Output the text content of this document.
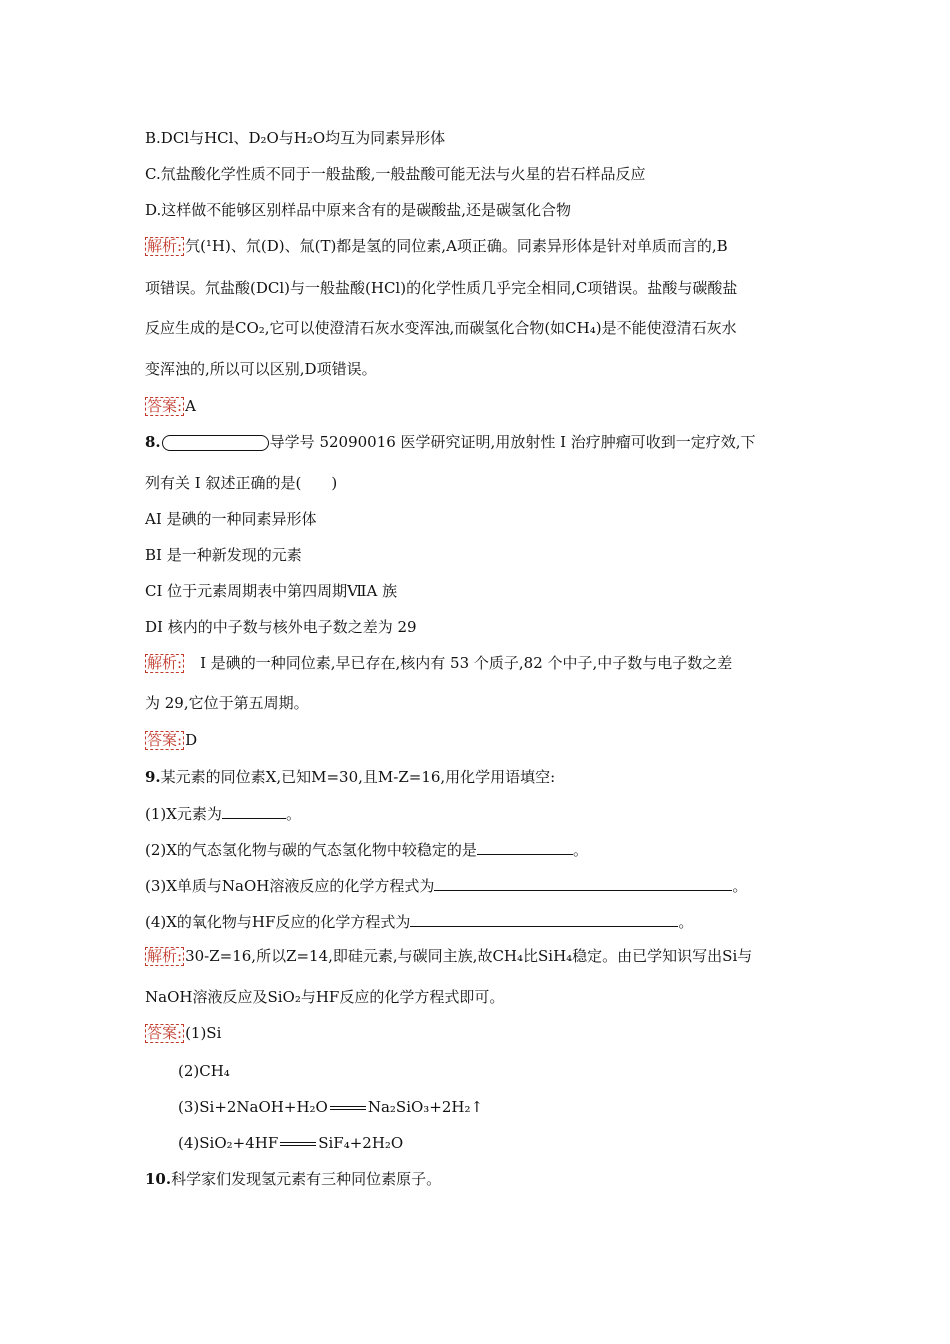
B.DCl与HCl、D₂O与H₂O均互为同素异形体
C.氘盐酸化学性质不同于一般盐酸,一般盐酸可能无法与火星的岩石样品反应
D.这样做不能够区别样品中原来含有的是碳酸盐,还是碳氢化合物
解析: 氕(¹H)、氘(D)、氚(T)都是氢的同位素,A项正确。同素异形体是针对单质而言的,B
项错误。氘盐酸(DCl)与一般盐酸(HCl)的化学性质几乎完全相同,C项错误。盐酸与碳酸盐
反应生成的是CO₂,它可以使澄清石灰水变浑浊,而碳氢化合物(如CH₄)是不能使澄清石灰水
变浑浊的,所以可以区别,D项错误。
答案: A
8.	导学号 52090016 医学研究证明,用放射性 I 治疗肿瘤可收到一定疗效,下
列有关 I 叙述正确的是(　　)
AI 是碘的一种同素异形体
BI 是一种新发现的元素
CI 位于元素周期表中第四周期ⅦA 族
DI 核内的中子数与核外电子数之差为 29
解析:　I 是碘的一种同位素,早已存在,核内有 53 个质子,82 个中子,中子数与电子数之差
为 29,它位于第五周期。
答案: D
9.某元素的同位素X,已知M=30,且M-Z=16,用化学用语填空:
(1)X元素为	。
(2)X的气态氢化物与碳的气态氢化物中较稳定的是	。
(3)X单质与NaOH溶液反应的化学方程式为	。
(4)X的氧化物与HF反应的化学方程式为	。
解析: 30-Z=16,所以Z=14,即硅元素,与碳同主族,故CH₄比SiH₄稳定。由已学知识写出Si与
NaOH溶液反应及SiO₂与HF反应的化学方程式即可。
答案: (1)Si
(2)CH₄
(3)Si+2NaOH+H₂O	Na₂SiO₃+2H₂↑
(4)SiO₂+4HF	SiF₄+2H₂O
10.科学家们发现氢元素有三种同位素原子。
